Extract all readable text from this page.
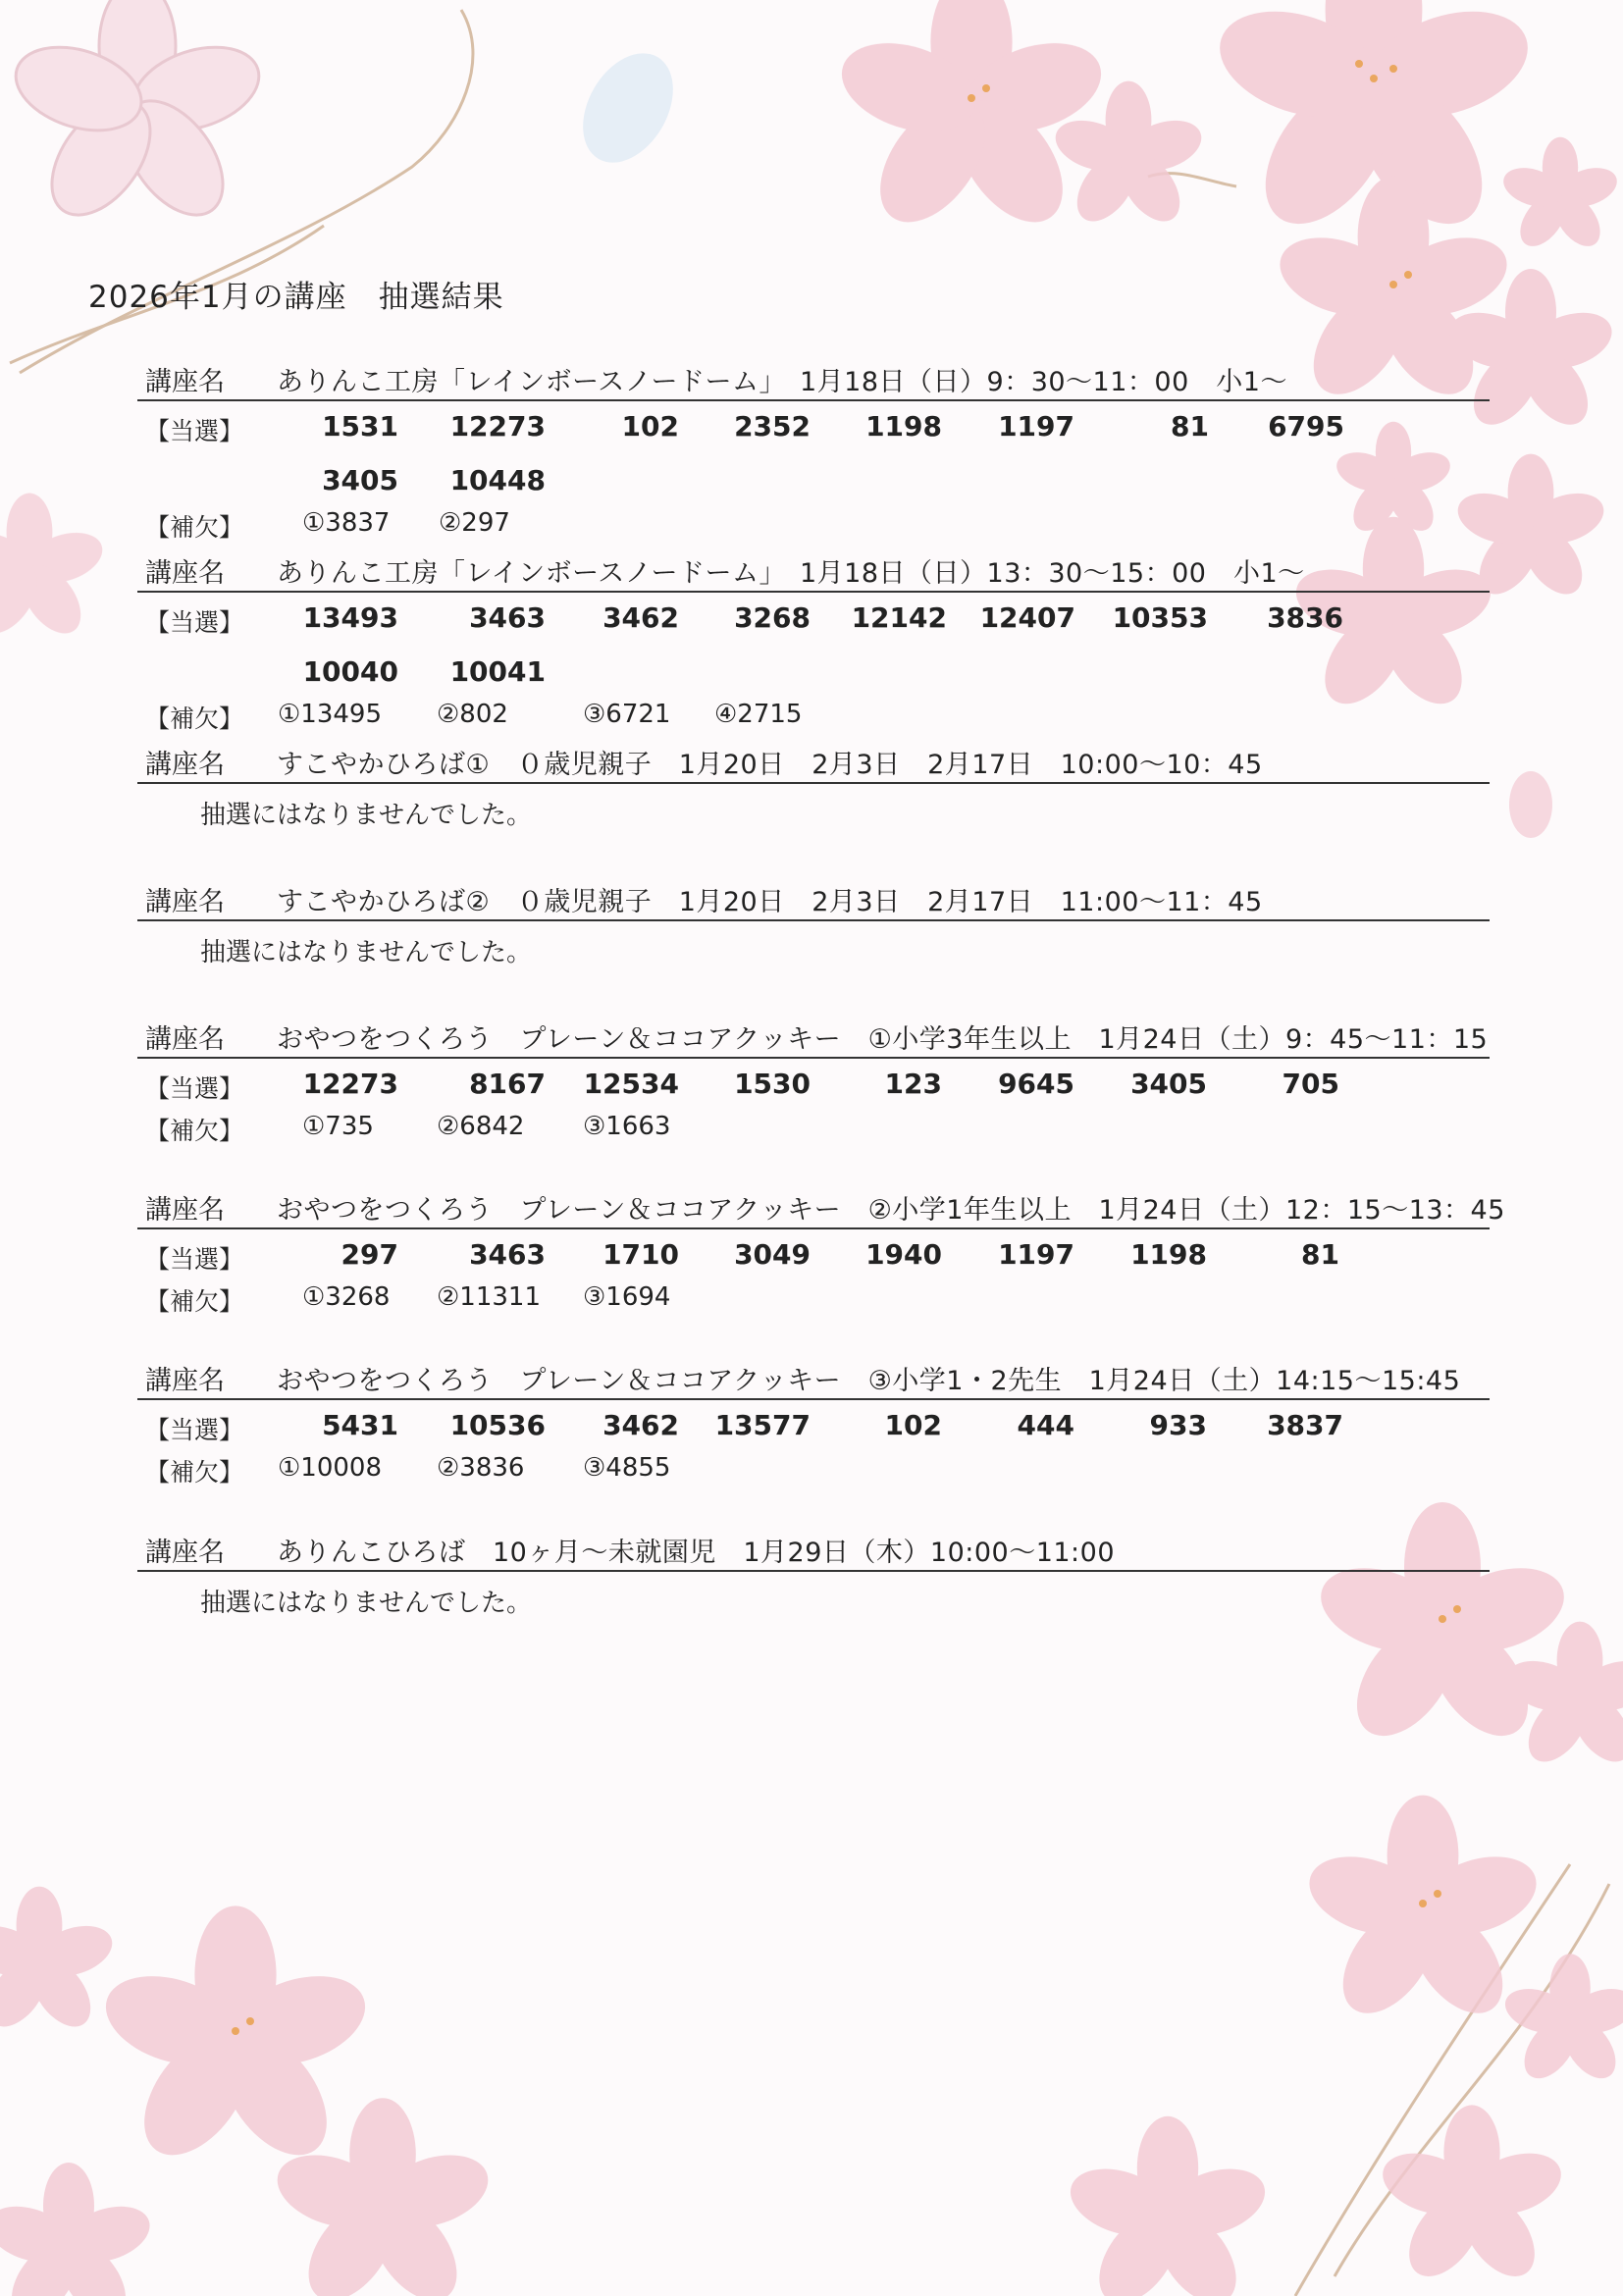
2026年1月の講座　抽選結果
講座名 ありんこ工房「レインボースノードーム」　1月18日（日）9：30～11：00　小1～
【当選】	1531	12273	102	2352	1198	1197	81	6795
3405	10448
【補欠】 ①3837 ②297
講座名 ありんこ工房「レインボースノードーム」　1月18日（日）13：30～15：00　小1～
【当選】	13493	3463	3462	3268	12142	12407	10353	3836
10040	10041
【補欠】 ①13495 ②802	③6721 ④2715
講座名 すこやかひろば①　０歳児親子　1月20日　2月3日　2月17日　10:00～10：45
抽選にはなりませんでした。
講座名 すこやかひろば②　０歳児親子　1月20日　2月3日　2月17日　11:00～11：45
抽選にはなりませんでした。
講座名 おやつをつくろう　プレーン＆ココアクッキー　①小学3年生以上　1月24日（土）9：45～11：15
【当選】	12273	8167	12534	1530	123	9645	3405	705
【補欠】 ①735 ②6842 ③1663
講座名 おやつをつくろう　プレーン＆ココアクッキー　②小学1年生以上　1月24日（土）12：15～13：45
【当選】	297	3463	1710	3049	1940	1197	1198	81
【補欠】 ①3268 ②11311 ③1694
講座名 おやつをつくろう　プレーン＆ココアクッキー　③小学1・2先生　1月24日（土）14:15～15:45
【当選】	5431	10536	3462	13577	102	444	933	3837
【補欠】 ①10008 ②3836 ③4855
講座名 ありんこひろば　10ヶ月～未就園児　1月29日（木）10:00～11:00
抽選にはなりませんでした。
